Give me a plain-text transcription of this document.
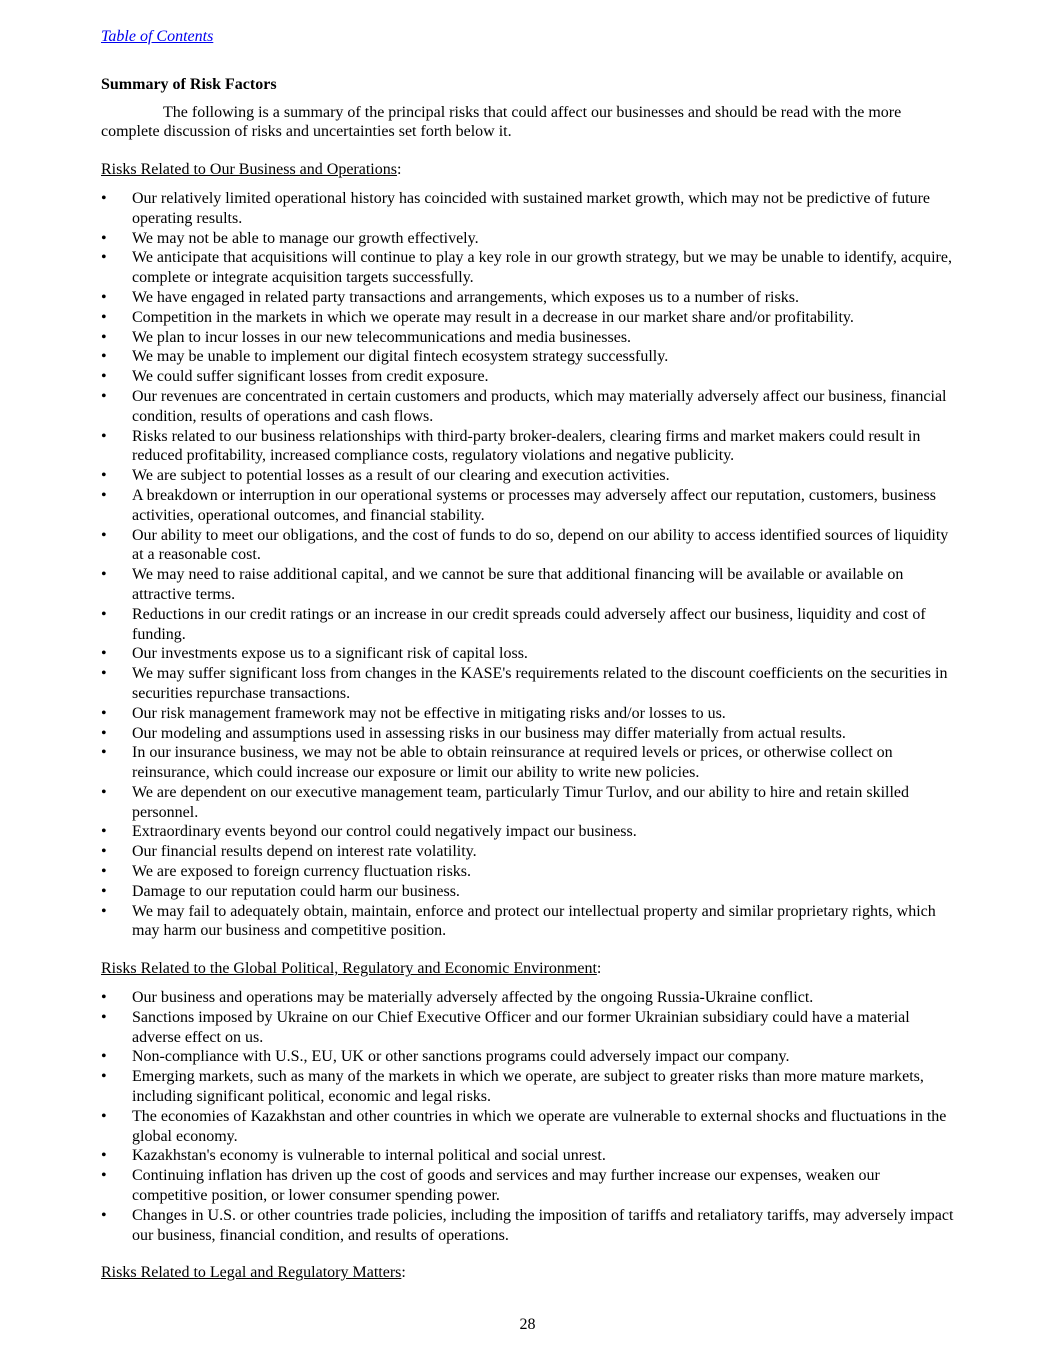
Table of Contents
Summary of Risk Factors
The following is a summary of the principal risks that could affect our businesses and should be read with the more complete discussion of risks and uncertainties set forth below it.
Risks Related to Our Business and Operations:
• Our relatively limited operational history has coincided with sustained market growth, which may not be predictive of future operating results.
• We may not be able to manage our growth effectively.
• We anticipate that acquisitions will continue to play a key role in our growth strategy, but we may be unable to identify, acquire, complete or integrate acquisition targets successfully.
• We have engaged in related party transactions and arrangements, which exposes us to a number of risks.
• Competition in the markets in which we operate may result in a decrease in our market share and/or profitability.
• We plan to incur losses in our new telecommunications and media businesses.
• We may be unable to implement our digital fintech ecosystem strategy successfully.
• We could suffer significant losses from credit exposure.
• Our revenues are concentrated in certain customers and products, which may materially adversely affect our business, financial condition, results of operations and cash flows.
• Risks related to our business relationships with third-party broker-dealers, clearing firms and market makers could result in reduced profitability, increased compliance costs, regulatory violations and negative publicity.
• We are subject to potential losses as a result of our clearing and execution activities.
• A breakdown or interruption in our operational systems or processes may adversely affect our reputation, customers, business activities, operational outcomes, and financial stability.
• Our ability to meet our obligations, and the cost of funds to do so, depend on our ability to access identified sources of liquidity at a reasonable cost.
• We may need to raise additional capital, and we cannot be sure that additional financing will be available or available on attractive terms.
• Reductions in our credit ratings or an increase in our credit spreads could adversely affect our business, liquidity and cost of funding.
• Our investments expose us to a significant risk of capital loss.
• We may suffer significant loss from changes in the KASE's requirements related to the discount coefficients on the securities in securities repurchase transactions.
• Our risk management framework may not be effective in mitigating risks and/or losses to us.
• Our modeling and assumptions used in assessing risks in our business may differ materially from actual results.
• In our insurance business, we may not be able to obtain reinsurance at required levels or prices, or otherwise collect on reinsurance, which could increase our exposure or limit our ability to write new policies.
• We are dependent on our executive management team, particularly Timur Turlov, and our ability to hire and retain skilled personnel.
• Extraordinary events beyond our control could negatively impact our business.
• Our financial results depend on interest rate volatility.
• We are exposed to foreign currency fluctuation risks.
• Damage to our reputation could harm our business.
• We may fail to adequately obtain, maintain, enforce and protect our intellectual property and similar proprietary rights, which may harm our business and competitive position.
Risks Related to the Global Political, Regulatory and Economic Environment:
• Our business and operations may be materially adversely affected by the ongoing Russia-Ukraine conflict.
• Sanctions imposed by Ukraine on our Chief Executive Officer and our former Ukrainian subsidiary could have a material adverse effect on us.
• Non-compliance with U.S., EU, UK or other sanctions programs could adversely impact our company.
• Emerging markets, such as many of the markets in which we operate, are subject to greater risks than more mature markets, including significant political, economic and legal risks.
• The economies of Kazakhstan and other countries in which we operate are vulnerable to external shocks and fluctuations in the global economy.
• Kazakhstan's economy is vulnerable to internal political and social unrest.
• Continuing inflation has driven up the cost of goods and services and may further increase our expenses, weaken our competitive position, or lower consumer spending power.
• Changes in U.S. or other countries trade policies, including the imposition of tariffs and retaliatory tariffs, may adversely impact our business, financial condition, and results of operations.
Risks Related to Legal and Regulatory Matters:
28
